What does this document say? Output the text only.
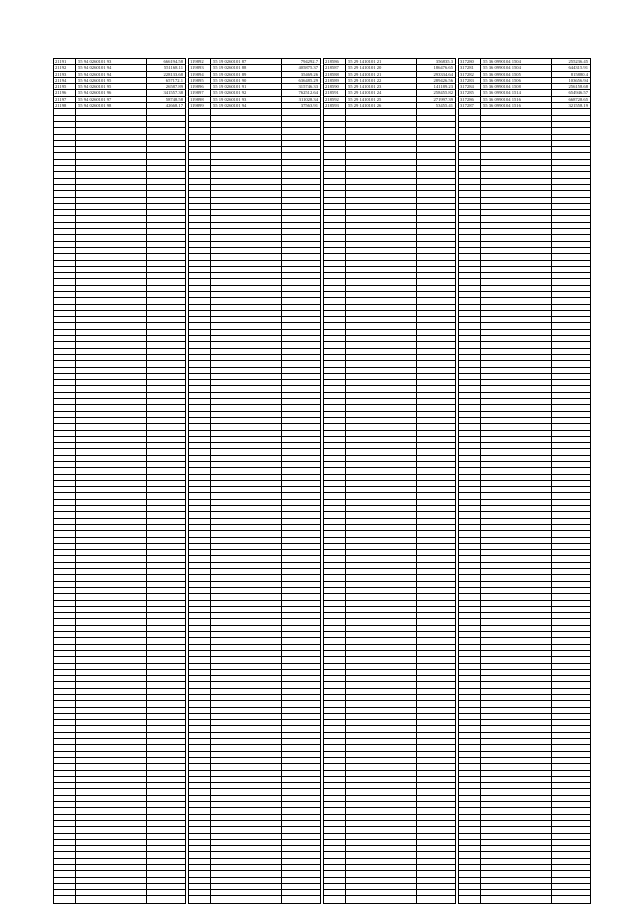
21191	55 94 0260101 93	666194.58
21192	55 94 0260101 94	551168.11
21193	55 94 0260101 94	228133.68
21194	55 94 0260101 95	657172.1
21195	55 94 0260101 95	26587.89
21196	55 94 0260101 96	341557.38
21197	55 94 0260101 97	58748.58
21198	55 94 0260101 98	42668.17
119892	55 19 0260101 87	794292.7
119893	55 19 0260101 88	405875.37
119894	55 19 0260101 89	35469.26
119895	55 19 0260101 90	636485.29
119896	55 19 0260101 91	315746.33
119897	55 19 0260101 92	762512.64
119898	55 19 0260101 93	311028.34
119899	55 19 0260101 94	37563.91
218586	55 29 1410101 21	356835.3
218587	55 29 1410101 20	186476.65
218588	55 29 1410101 21	293334.64
218589	55 29 1410101 22	289426.56
218590	55 29 1410101 23	141189.23
218591	55 29 1410101 24	258455.82
218592	55 29 1410101 25	271997.39
218593	55 29 1410101 26	53455.41
317280	55 36 0990104 1504	255236.45
317281	55 36 0990104 1504	644315.91
317282	55 36 0990104 1505	815880.4
317283	55 36 0990104 1506	103656.94
317284	55 36 0990104 1508	256158.68
317285	55 36 0990104 1514	654946.57
317286	55 36 0990104 1516	668728.65
317287	55 36 0990104 1516	321558.19
